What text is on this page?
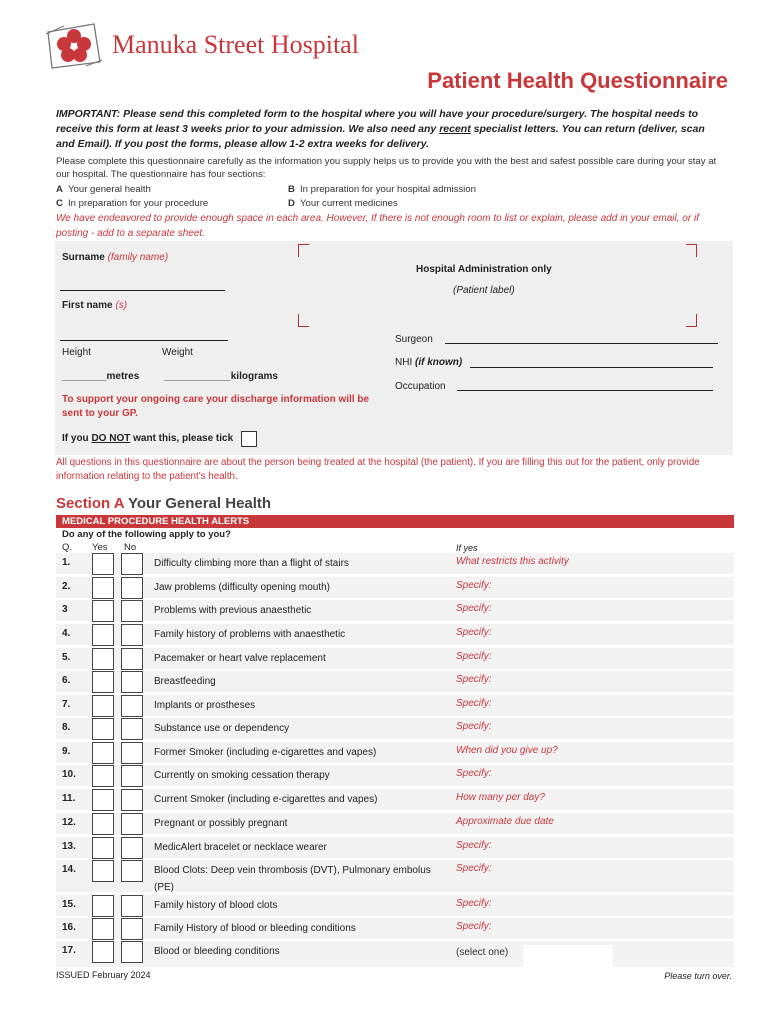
Manuka Street Hospital
Patient Health Questionnaire
IMPORTANT: Please send this completed form to the hospital where you will have your procedure/surgery. The hospital needs to receive this form at least 3 weeks prior to your admission. We also need any recent specialist letters. You can return (deliver, scan and Email). If you post the forms, please allow 1-2 extra weeks for delivery.
Please complete this questionnaire carefully as the information you supply helps us to provide you with the best and safest possible care during your stay at our hospital. The questionnaire has four sections:
A Your general health	B In preparation for your hospital admission
C In preparation for your procedure	D Your current medicines
We have endeavored to provide enough space in each area. However, If there is not enough room to list or explain, please add in your email, or if posting - add to a separate sheet.
Surname (family name)
First name (s)
Hospital Administration only
(Patient label)
Height	Weight
________metres ____________kilograms
Surgeon
NHI (if known)
Occupation
To support your ongoing care your discharge information will be sent to your GP.
If you DO NOT want this, please tick
All questions in this questionnaire are about the person being treated at the hospital (the patient). If you are filling this out for the patient, only provide information relating to the patient’s health.
Section A Your General Health
MEDICAL PROCEDURE HEALTH ALERTS
Do any of the following apply to you?
Q. Yes No	If yes
1.	Difficulty climbing more than a flight of stairs	What restricts this activity
2.	Jaw problems (difficulty opening mouth)	Specify:
3	Problems with previous anaesthetic	Specify:
4.	Family history of problems with anaesthetic	Specify:
5.	Pacemaker or heart valve replacement	Specify:
6.	Breastfeeding	Specify:
7.	Implants or prostheses	Specify:
8.	Substance use or dependency	Specify:
9.	Former Smoker (including e-cigarettes and vapes)	When did you give up?
10.	Currently on smoking cessation therapy	Specify:
11.	Current Smoker (including e-cigarettes and vapes)	How many per day?
12.	Pregnant or possibly pregnant	Approximate due date
13.	MedicAlert bracelet or necklace wearer	Specify:
14.	Blood Clots: Deep vein thrombosis (DVT), Pulmonary embolus (PE)
Specify:
15.	Family history of blood clots	Specify:
16.	Family History of blood or bleeding conditions	Specify:
17.	Blood or bleeding conditions	(select one)
ISSUED February 2024	Please turn over.
